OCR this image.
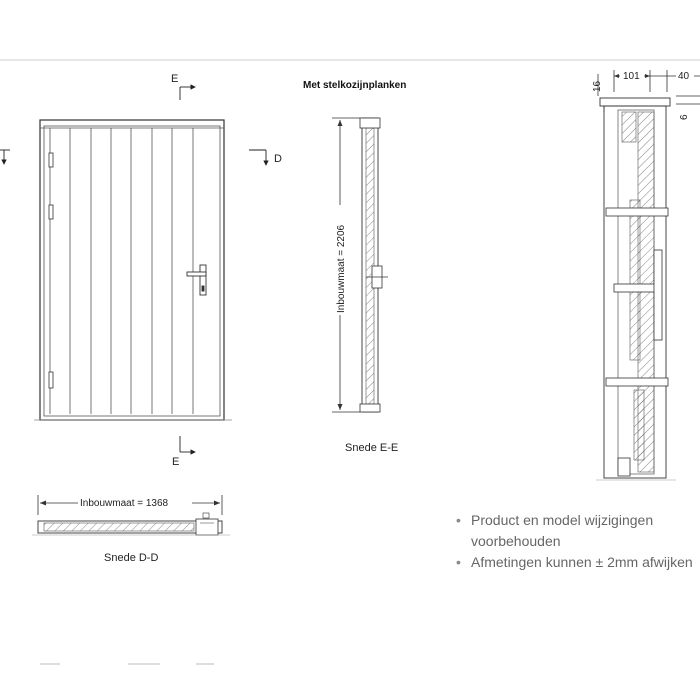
E
E
D
Inbouwmaat = 1368
Snede D-D
Met stelkozijnplanken
Inbouwmaat = 2206
Snede E-E
101	40
16
6
• Product en model wijzigingen
voorbehouden
• Afmetingen kunnen ± 2mm afwijken
